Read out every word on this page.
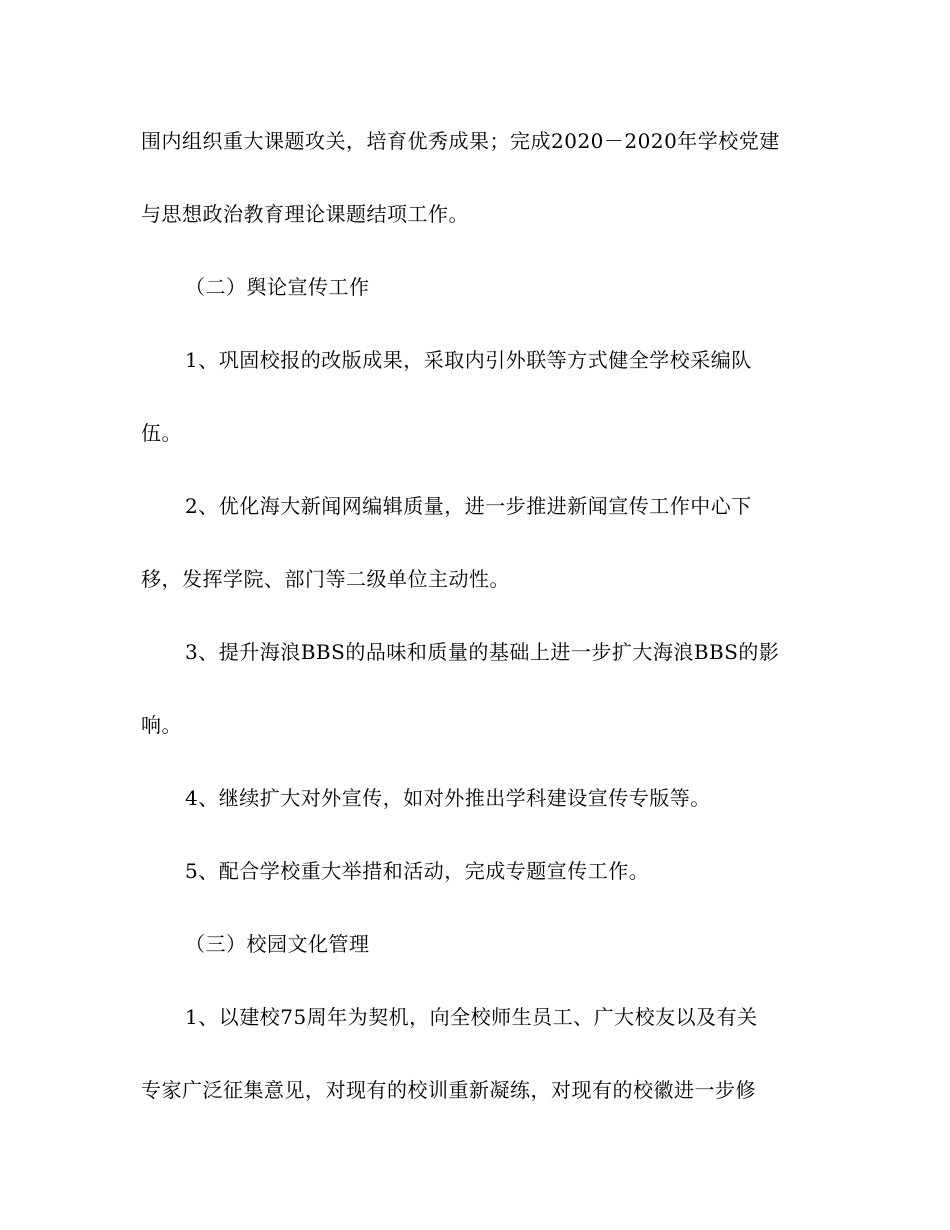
围内组织重大课题攻关，培育优秀成果；完成2020－2020年学校党建
与思想政治教育理论课题结项工作。
（二）舆论宣传工作
1、巩固校报的改版成果，采取内引外联等方式健全学校采编队
伍。
2、优化海大新闻网编辑质量，进一步推进新闻宣传工作中心下
移，发挥学院、部门等二级单位主动性。
3、提升海浪BBS的品味和质量的基础上进一步扩大海浪BBS的影
响。
4、继续扩大对外宣传，如对外推出学科建设宣传专版等。
5、配合学校重大举措和活动，完成专题宣传工作。
（三）校园文化管理
1、以建校75周年为契机，向全校师生员工、广大校友以及有关
专家广泛征集意见，对现有的校训重新凝练，对现有的校徽进一步修
